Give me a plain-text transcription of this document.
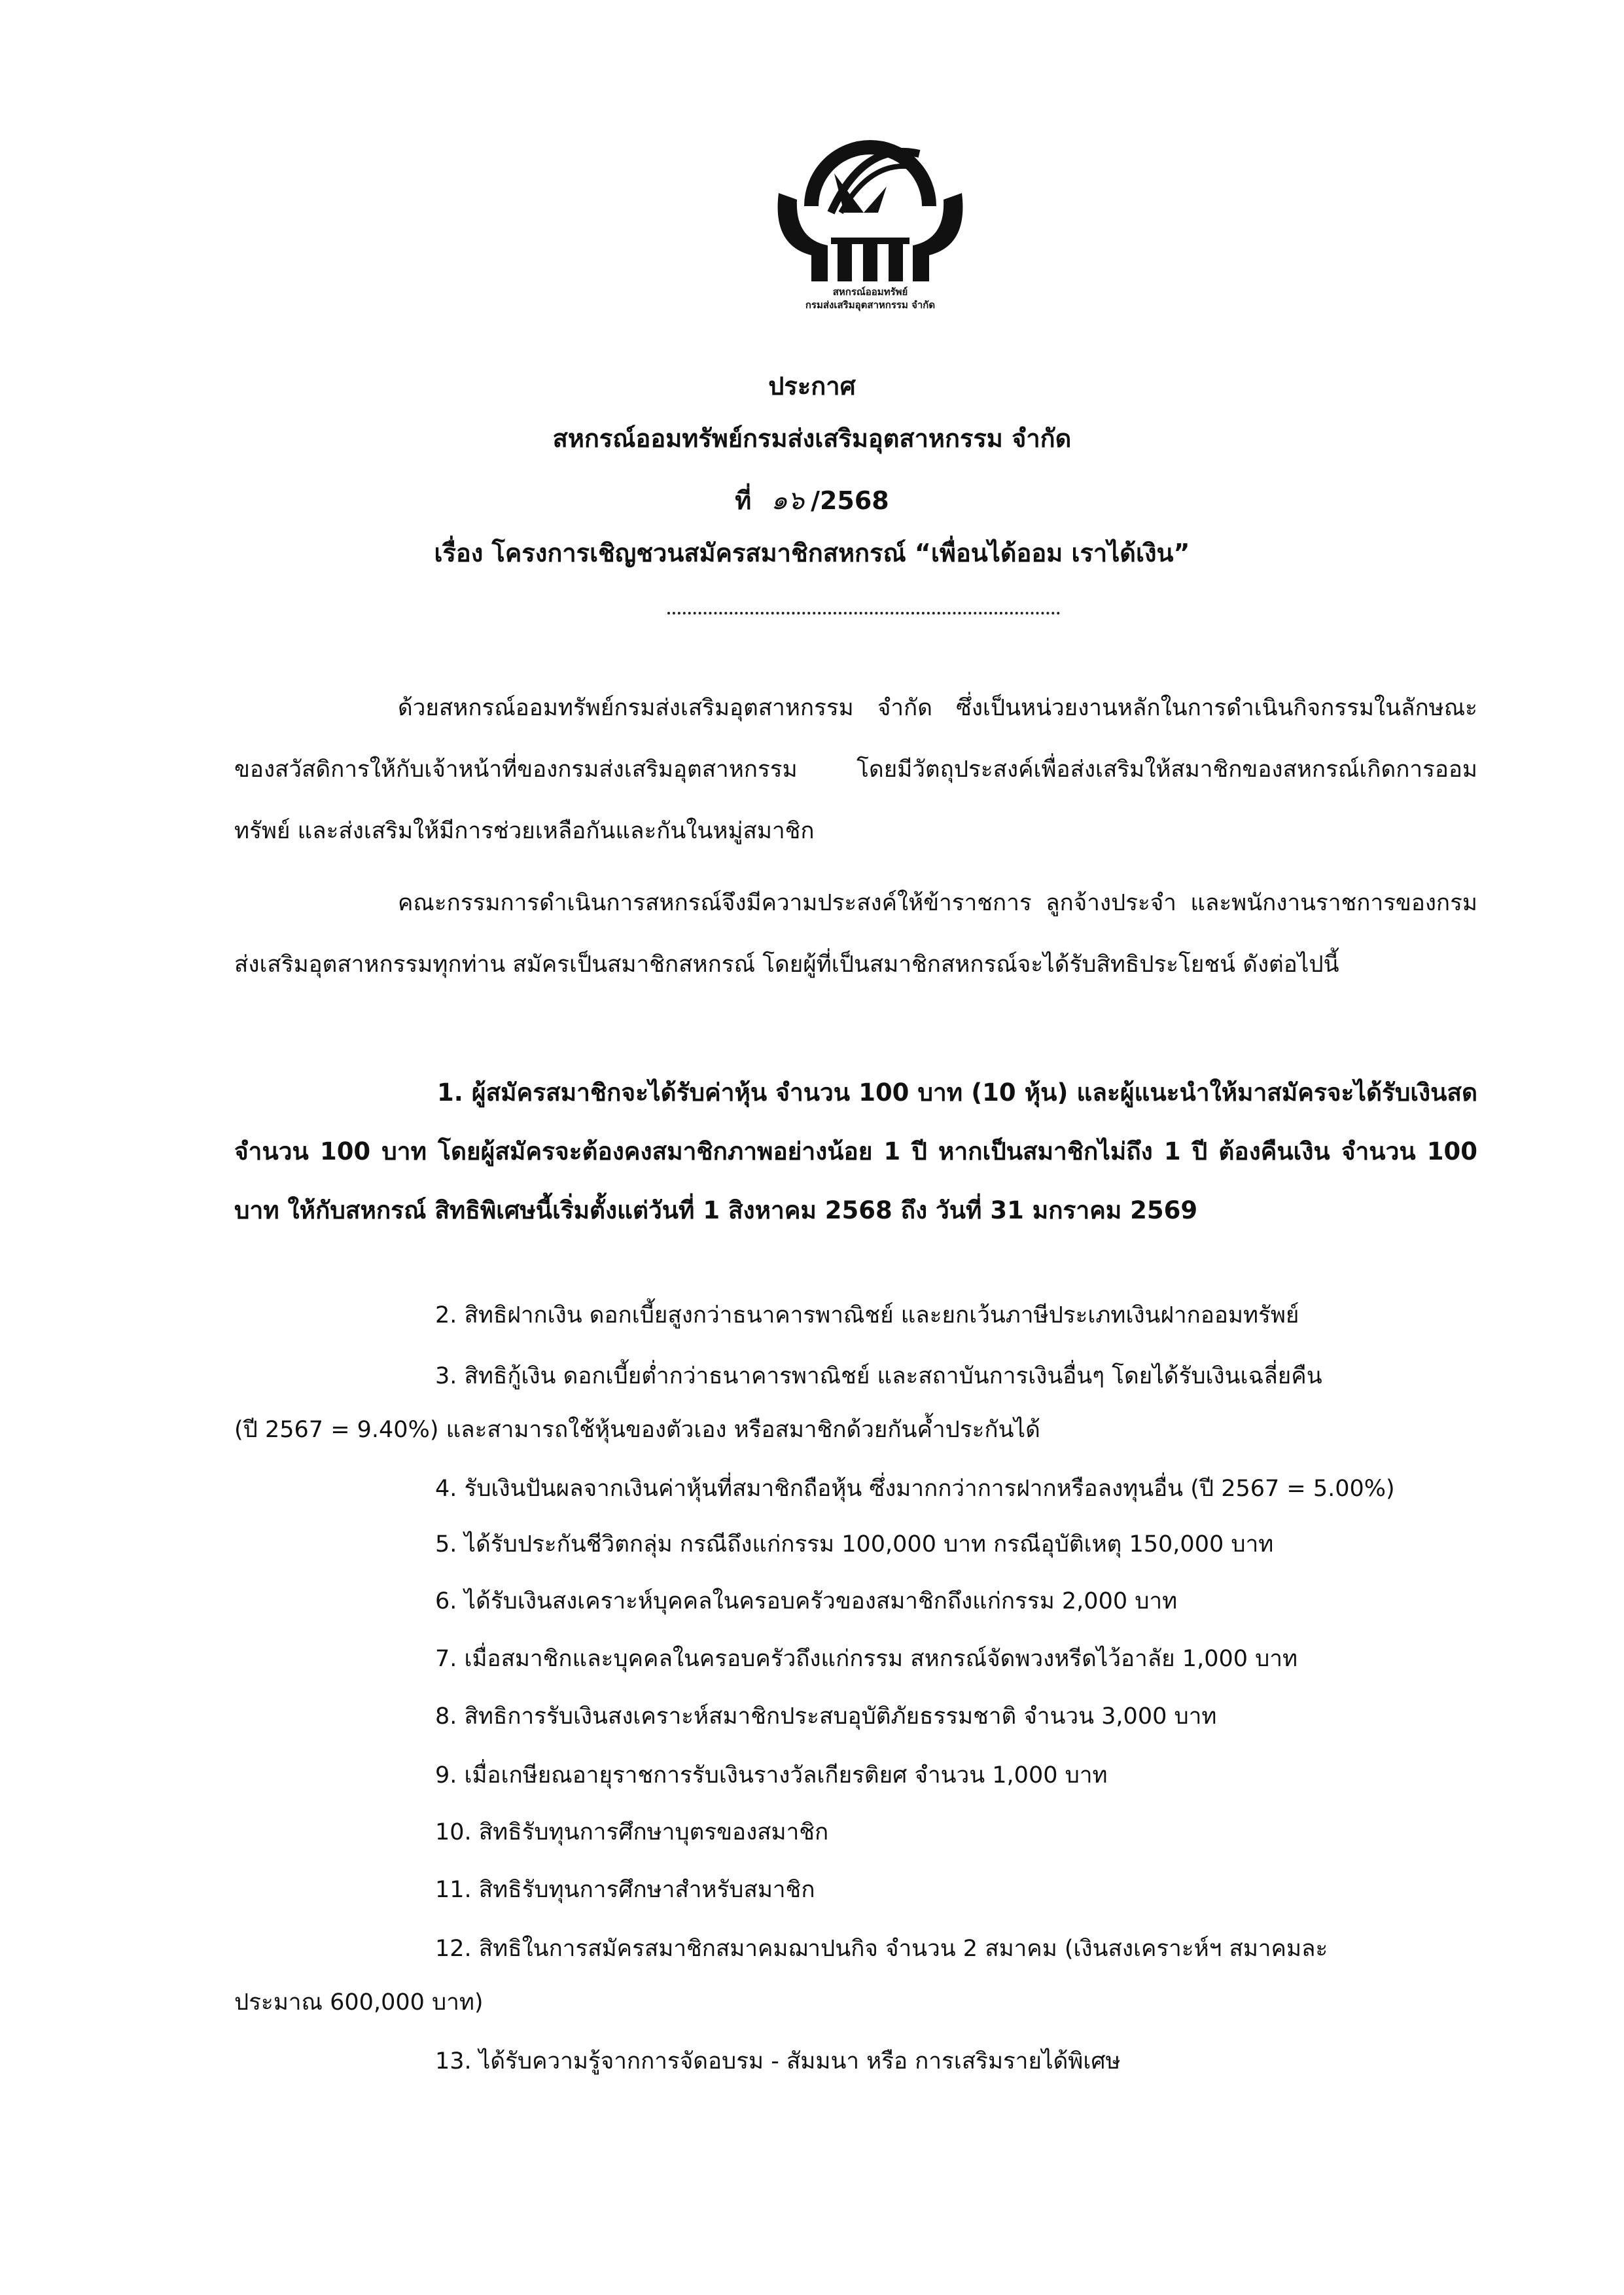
สหกรณ์ออมทรัพย์
กรมส่งเสริมอุตสาหกรรม จำกัด
ประกาศ
สหกรณ์ออมทรัพย์กรมส่งเสริมอุตสาหกรรม จำกัด
ที่ ๑๖ /2568
เรื่อง โครงการเชิญชวนสมัครสมาชิกสหกรณ์ “เพื่อนได้ออม เราได้เงิน”
ด้วยสหกรณ์ออมทรัพย์กรมส่งเสริมอุตสาหกรรม จำกัด ซึ่งเป็นหน่วยงานหลักในการดำเนินกิจกรรมในลักษณะของสวัสดิการให้กับเจ้าหน้าที่ของกรมส่งเสริมอุตสาหกรรม โดยมีวัตถุประสงค์เพื่อส่งเสริมให้สมาชิกของสหกรณ์เกิดการออมทรัพย์ และส่งเสริมให้มีการช่วยเหลือกันและกันในหมู่สมาชิก
คณะกรรมการดำเนินการสหกรณ์จึงมีความประสงค์ให้ข้าราชการ ลูกจ้างประจำ และพนักงานราชการของกรมส่งเสริมอุตสาหกรรมทุกท่าน สมัครเป็นสมาชิกสหกรณ์ โดยผู้ที่เป็นสมาชิกสหกรณ์จะได้รับสิทธิประโยชน์ ดังต่อไปนี้
1. ผู้สมัครสมาชิกจะได้รับค่าหุ้น จำนวน 100 บาท (10 หุ้น) และผู้แนะนำให้มาสมัครจะได้รับเงินสด จำนวน 100 บาท โดยผู้สมัครจะต้องคงสมาชิกภาพอย่างน้อย 1 ปี หากเป็นสมาชิกไม่ถึง 1 ปี ต้องคืนเงิน จำนวน 100 บาท ให้กับสหกรณ์ สิทธิพิเศษนี้เริ่มตั้งแต่วันที่ 1 สิงหาคม 2568 ถึง วันที่ 31 มกราคม 2569
2. สิทธิฝากเงิน ดอกเบี้ยสูงกว่าธนาคารพาณิชย์ และยกเว้นภาษีประเภทเงินฝากออมทรัพย์
3. สิทธิกู้เงิน ดอกเบี้ยต่ำกว่าธนาคารพาณิชย์ และสถาบันการเงินอื่นๆ โดยได้รับเงินเฉลี่ยคืน
(ปี 2567 = 9.40%) และสามารถใช้หุ้นของตัวเอง หรือสมาชิกด้วยกันค้ำประกันได้
4. รับเงินปันผลจากเงินค่าหุ้นที่สมาชิกถือหุ้น ซึ่งมากกว่าการฝากหรือลงทุนอื่น (ปี 2567 = 5.00%)
5. ได้รับประกันชีวิตกลุ่ม กรณีถึงแก่กรรม 100,000 บาท กรณีอุบัติเหตุ 150,000 บาท
6. ได้รับเงินสงเคราะห์บุคคลในครอบครัวของสมาชิกถึงแก่กรรม 2,000 บาท
7. เมื่อสมาชิกและบุคคลในครอบครัวถึงแก่กรรม สหกรณ์จัดพวงหรีดไว้อาลัย 1,000 บาท
8. สิทธิการรับเงินสงเคราะห์สมาชิกประสบอุบัติภัยธรรมชาติ จำนวน 3,000 บาท
9. เมื่อเกษียณอายุราชการรับเงินรางวัลเกียรติยศ จำนวน 1,000 บาท
10. สิทธิรับทุนการศึกษาบุตรของสมาชิก
11. สิทธิรับทุนการศึกษาสำหรับสมาชิก
12. สิทธิในการสมัครสมาชิกสมาคมฌาปนกิจ จำนวน 2 สมาคม (เงินสงเคราะห์ฯ สมาคมละ
ประมาณ 600,000 บาท)
13. ได้รับความรู้จากการจัดอบรม - สัมมนา หรือ การเสริมรายได้พิเศษ
